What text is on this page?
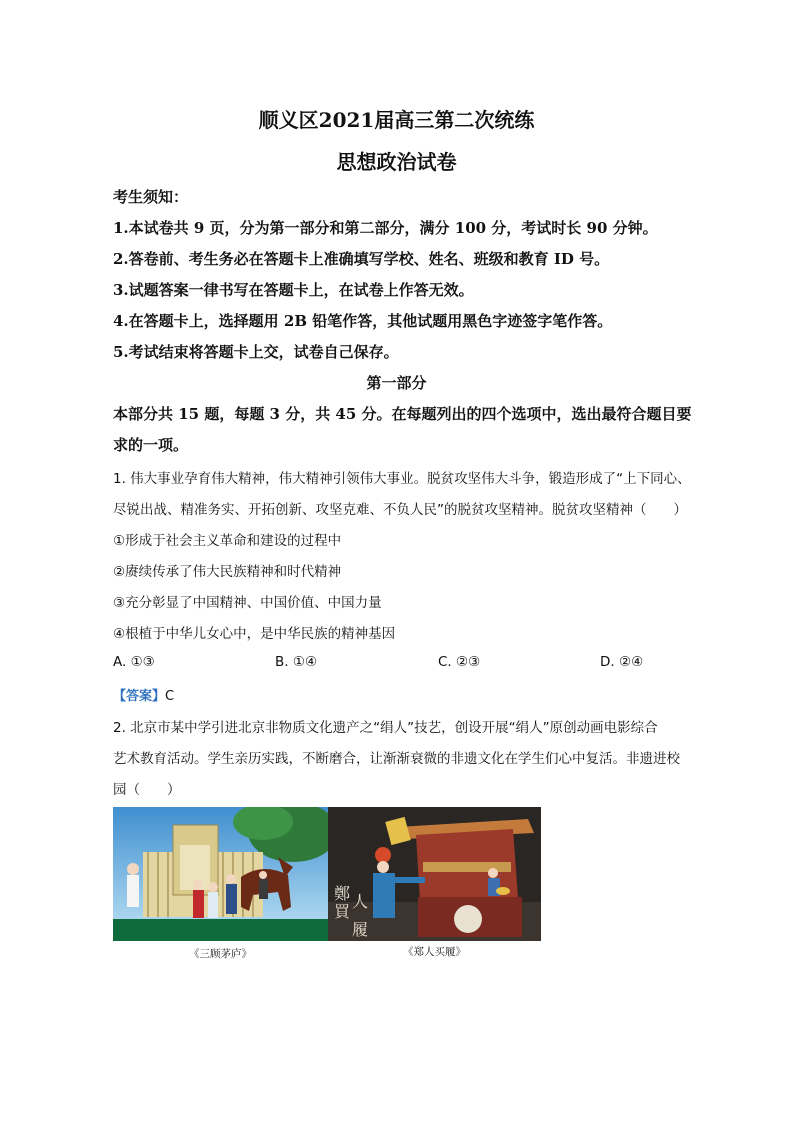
顺义区2021届高三第二次统练
思想政治试卷
考生须知：
1.本试卷共 9 页，分为第一部分和第二部分，满分 100 分，考试时长 90 分钟。
2.答卷前、考生务必在答题卡上准确填写学校、姓名、班级和教育 ID 号。
3.试题答案一律书写在答题卡上，在试卷上作答无效。
4.在答题卡上，选择题用 2B 铅笔作答，其他试题用黑色字迹签字笔作答。
5.考试结束将答题卡上交，试卷自己保存。
第一部分
本部分共 15 题，每题 3 分，共 45 分。在每题列出的四个选项中，选出最符合题目要
求的一项。
1. 伟大事业孕育伟大精神，伟大精神引领伟大事业。脱贫攻坚伟大斗争，锻造形成了“上下同心、
尽锐出战、精准务实、开拓创新、攻坚克难、不负人民”的脱贫攻坚精神。脱贫攻坚精神（　　）
①形成于社会主义革命和建设的过程中
②赓续传承了伟大民族精神和时代精神
③充分彰显了中国精神、中国价值、中国力量
④根植于中华儿女心中，是中华民族的精神基因
A. ①③	B. ①④	C. ②③	D. ②④
【答案】C
2. 北京市某中学引进北京非物质文化遗产之“绢人”技艺，创设开展“绢人”原创动画电影综合
艺术教育活动。学生亲历实践，不断磨合，让渐渐衰微的非遗文化在学生们心中复活。非遗进校
园（　　）
鄭買人履
《三顾茅庐》	《郑人买履》
